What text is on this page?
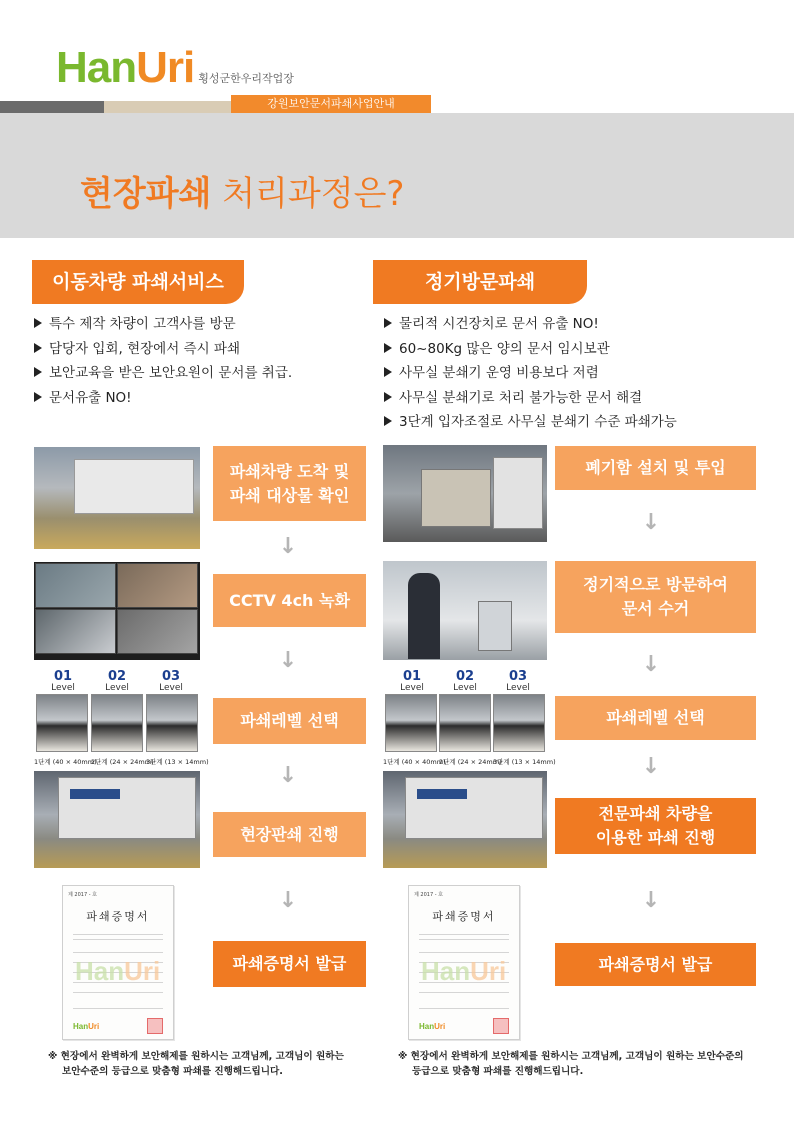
HanUri 횡성군한우리작업장
강원보안문서파쇄사업안내
현장파쇄 처리과정은?
이동차량 파쇄서비스	정기방문파쇄
특수 제작 차량이 고객사를 방문
담당자 입회, 현장에서 즉시 파쇄
보안교육을 받은 보안요원이 문서를 취급.
문서유출 NO!
물리적 시건장치로 문서 유출 NO!
60~80Kg 많은 양의 문서 임시보관
사무실 분쇄기 운영 비용보다 저렴
사무실 분쇄기로 처리 불가능한 문서 해결
3단계 입자조절로 사무실 분쇄기 수준 파쇄가능
01
Level
02
Level
03
Level
1단계 (40 × 40mm)
2단계 (24 × 24mm)
3단계 (13 × 14mm)
01
Level
02
Level
03
Level
1단계 (40 × 40mm)
2단계 (24 × 24mm)
3단계 (13 × 14mm)
파쇄차량 도착 및
파쇄 대상물 확인
CCTV 4ch 녹화
파쇄레벨 선택
현장판쇄 진행
파쇄증명서 발급
폐기함 설치 및 투입
정기적으로 방문하여
문서 수거
파쇄레벨 선택
전문파쇄 차량을
이용한 파쇄 진행
파쇄증명서 발급
↓
↓
↓
↓
↓
↓
↓
↓
제 2017 - 호
파쇄증명서
HanUri
HanUri
제 2017 - 호
파쇄증명서
HanUri
HanUri
※ 현장에서 완벽하게 보안해제를 원하시는 고객님께, 고객님이 원하는
보안수준의 등급으로 맞춤형 파쇄를 진행해드립니다.
※ 현장에서 완벽하게 보안해제를 원하시는 고객님께, 고객님이 원하는 보안수준의
등급으로 맞춤형 파쇄를 진행해드립니다.
